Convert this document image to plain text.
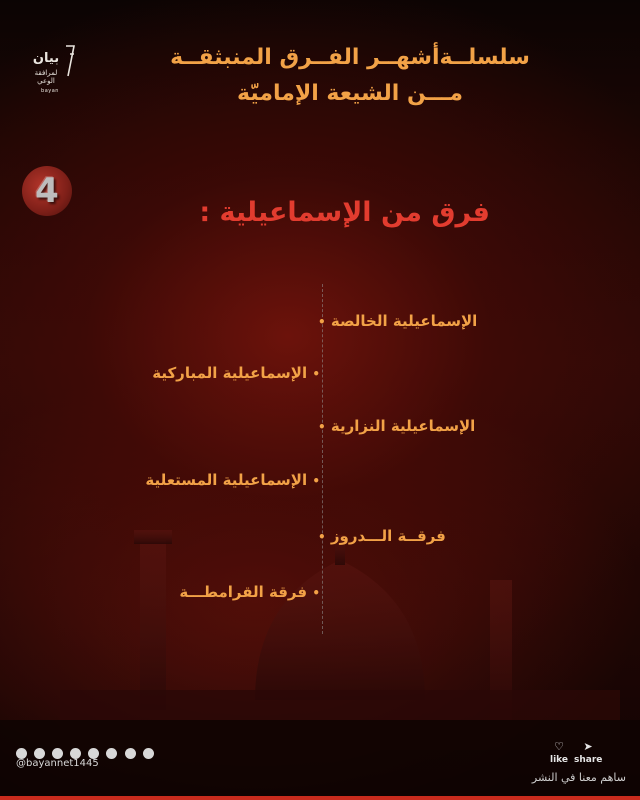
بيان
لمرافقة الوعي
bayan
سلسلــةأشهــر الفــرق المنبثقــة
مـــن الشيعة الإماميّة
4
فرق من الإسماعيلية :
• الإسماعيلية الخالصة
الإسماعيلية المباركية •
• الإسماعيلية النزارية
الإسماعيلية المستعلية •
• فرقــة الـــدروز
فرقة القرامطـــة •

@bayannet1445
♡
like
➤
share
ساهم معنا في النشر
